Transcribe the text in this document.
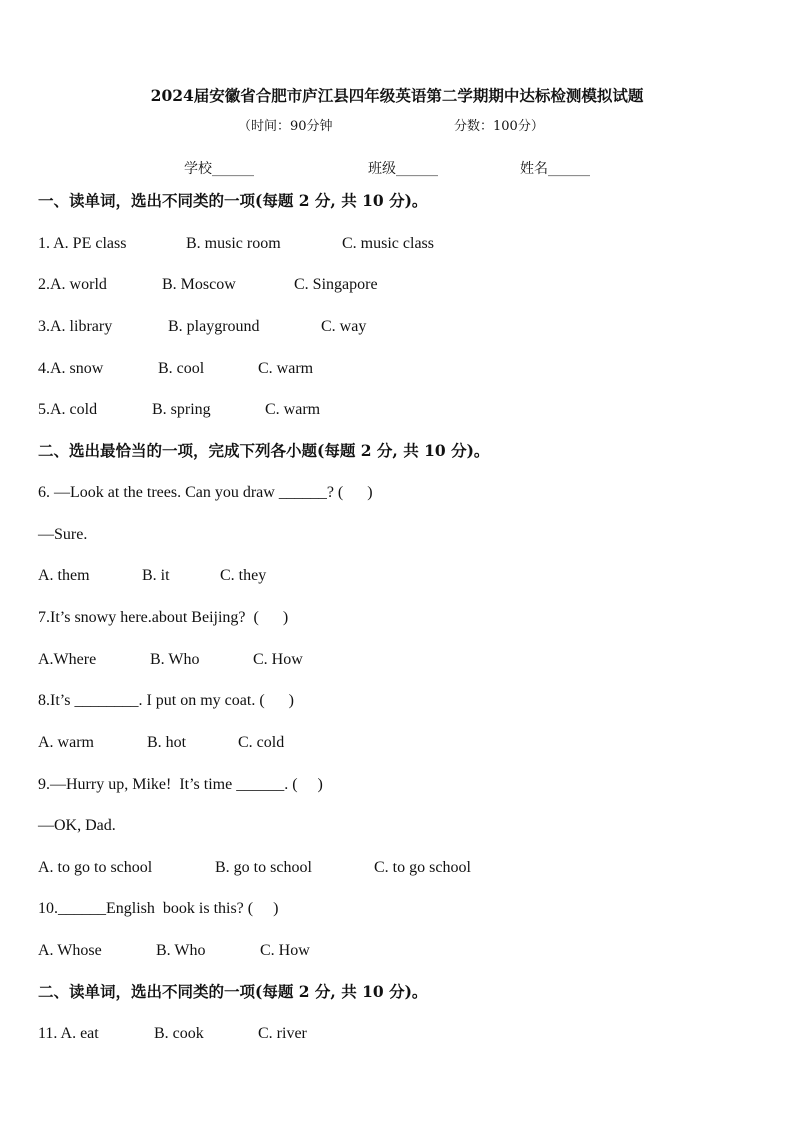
2024届安徽省合肥市庐江县四年级英语第二学期期中达标检测模拟试题
（时间：90分钟	分数：100分）
学校______	班级______	姓名______
一、读单词，选出不同类的一项(每题 2 分, 共 10 分)。

1. A. PE class

	B. music room

	C. music class

2.A. world

	B. Moscow

	C. Singapore

3.A. library

	B. playground

	C. way

4.A. snow

	B. cool

	C. warm

5.A. cold

	B. spring

	C. warm

二、选出最恰当的一项，完成下列各小题(每题 2 分, 共 10 分)。
6. —Look at the trees. Can you draw ______? (      )
—Sure.

A. them

	B. it

	C. they

7.It’s snowy here.about Beijing?  (      )

A.Where

	B. Who

	C. How

8.It’s ________. I put on my coat. (      )

A. warm

	B. hot

	C. cold

9.—Hurry up, Mike!  It’s time ______. (     )
—OK, Dad.

A. to go to school

	B. go to school

	C. to go school

10.______English  book is this? (     )

A. Whose

	B. Who

	C. How

二、读单词，选出不同类的一项(每题 2 分, 共 10 分)。

11. A. eat

	B. cook

	C. river
